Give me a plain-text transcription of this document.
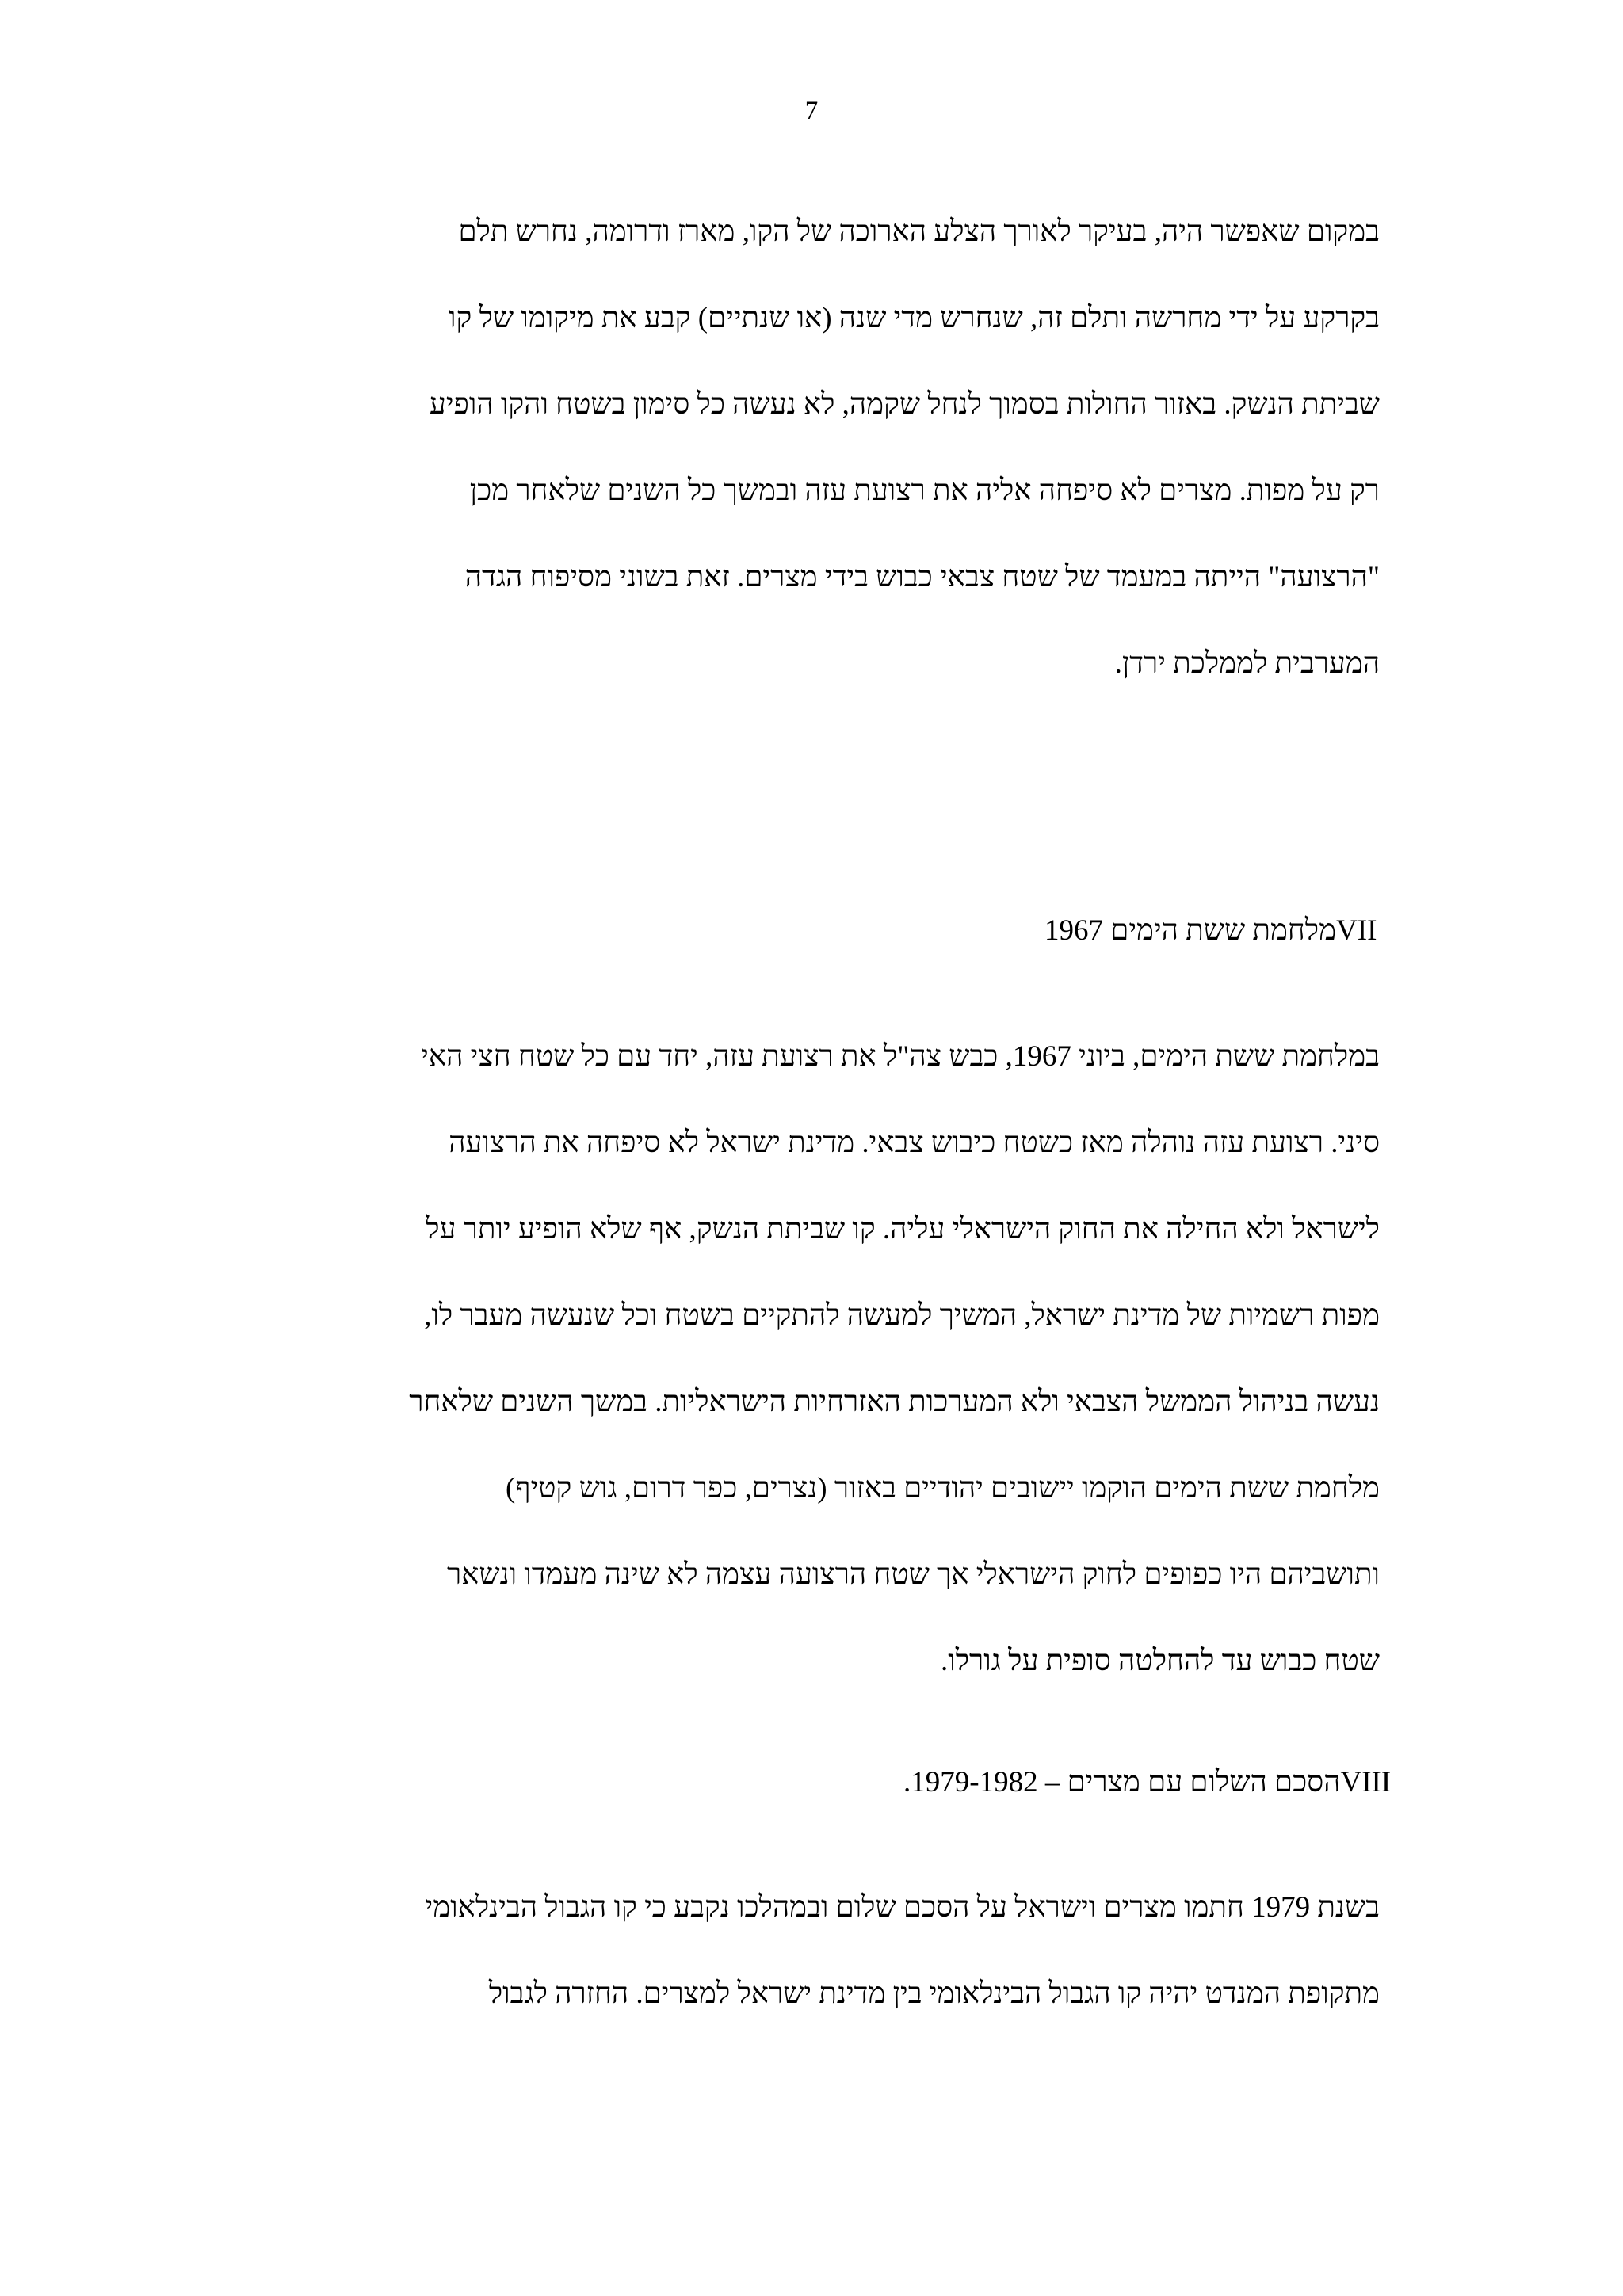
7
במקום שאפשר היה, בעיקר לאורך הצלע הארוכה של הקו, מארז ודרומה, נחרש תלם
בקרקע על ידי מחרשה ותלם זה, שנחרש מדי שנה (או שנתיים) קבע את מיקומו של קו
שביתת הנשק. באזור החולות בסמוך לנחל שקמה, לא נעשה כל סימון בשטח והקו הופיע
רק על מפות. מצרים לא סיפחה אליה את רצועת עזה ובמשך כל השנים שלאחר מכן
"הרצועה" הייתה במעמד של שטח צבאי כבוש בידי מצרים. זאת בשוני מסיפוח הגדה
המערבית לממלכת ירדן.
מלחמת ששת הימים 1967VII
במלחמת ששת הימים, ביוני 1967, כבש צה"ל את רצועת עזה, יחד עם כל שטח חצי האי
סיני. רצועת עזה נוהלה מאז כשטח כיבוש צבאי. מדינת ישראל לא סיפחה את הרצועה
לישראל ולא החילה את החוק הישראלי עליה. קו שביתת הנשק, אף שלא הופיע יותר על
מפות רשמיות של מדינת ישראל, המשיך למעשה להתקיים בשטח וכל שנעשה מעבר לו,
נעשה בניהול הממשל הצבאי ולא המערכות האזרחיות הישראליות. במשך השנים שלאחר
מלחמת ששת הימים הוקמו יישובים יהודיים באזור (נצרים, כפר דרום, גוש קטיף)
ותושביהם היו כפופים לחוק הישראלי אך שטח הרצועה עצמה לא שינה מעמדו ונשאר
שטח כבוש עד להחלטה סופית על גורלו.
הסכם השלום עם מצרים – 1979-1982.VIII
בשנת 1979 חתמו מצרים וישראל על הסכם שלום ובמהלכו נקבע כי קו הגבול הבינלאומי
מתקופת המנדט יהיה קו הגבול הבינלאומי בין מדינת ישראל למצרים. החזרה לגבול
